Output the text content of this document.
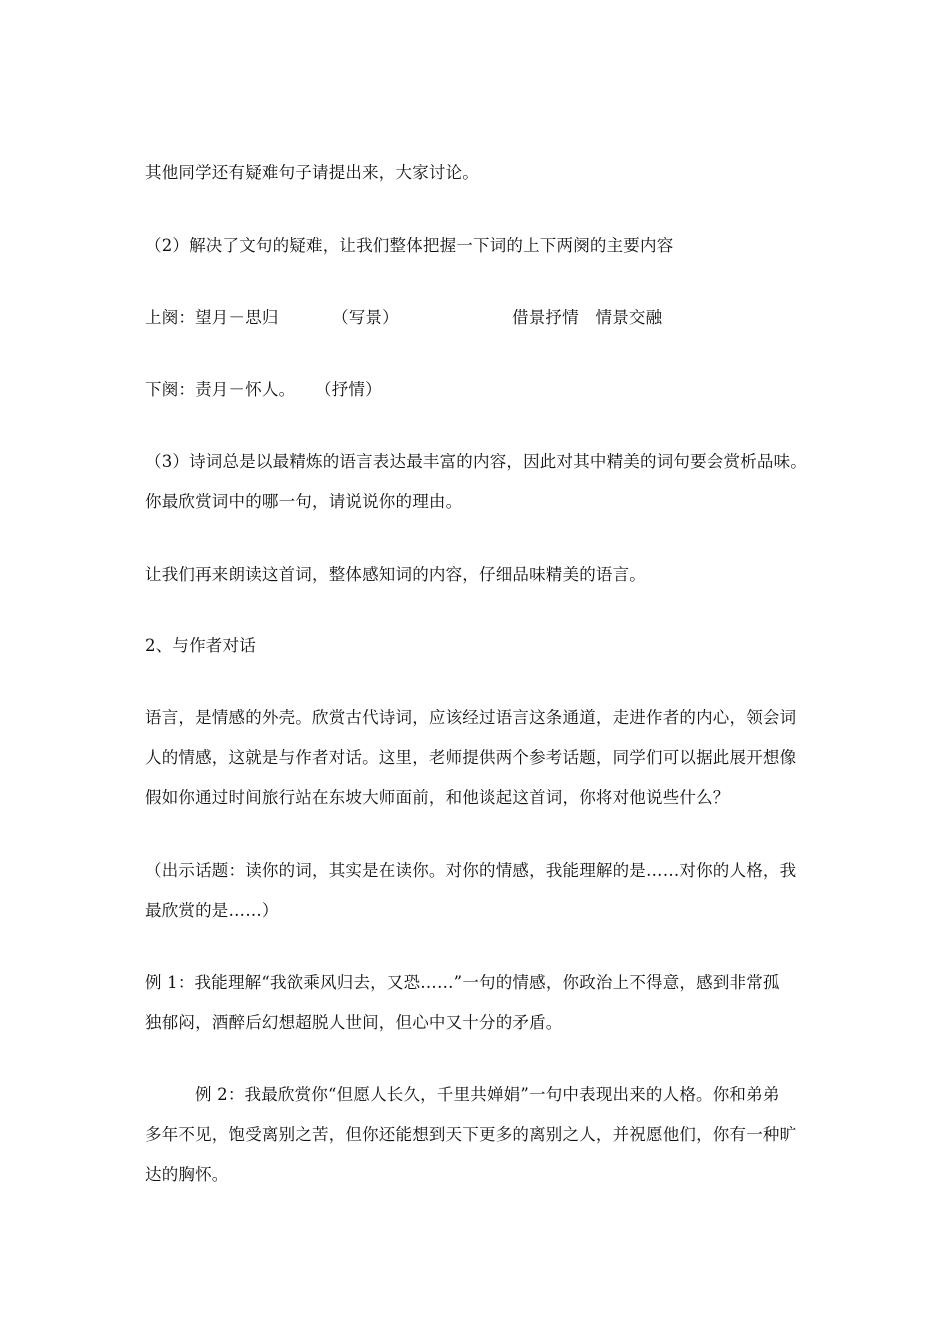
其他同学还有疑难句子请提出来，大家讨论。
（2）解决了文句的疑难，让我们整体把握一下词的上下两阕的主要内容
上阕：望月－思归	（写景）	借景抒情　情景交融
下阕：责月－怀人。 （抒情）
（3）诗词总是以最精炼的语言表达最丰富的内容，因此对其中精美的词句要会赏析品味。
你最欣赏词中的哪一句，请说说你的理由。
让我们再来朗读这首词，整体感知词的内容，仔细品味精美的语言。
2、与作者对话
语言，是情感的外壳。欣赏古代诗词，应该经过语言这条通道，走进作者的内心，领会词
人的情感，这就是与作者对话。这里，老师提供两个参考话题，同学们可以据此展开想像
假如你通过时间旅行站在东坡大师面前，和他谈起这首词，你将对他说些什么？
（出示话题：读你的词，其实是在读你。对你的情感，我能理解的是……对你的人格，我
最欣赏的是……）
例 1：我能理解“我欲乘风归去，又恐……”一句的情感，你政治上不得意，感到非常孤
独郁闷，酒醉后幻想超脱人世间，但心中又十分的矛盾。
例 2：我最欣赏你“但愿人长久，千里共婵娟”一句中表现出来的人格。你和弟弟
多年不见，饱受离别之苦，但你还能想到天下更多的离别之人，并祝愿他们，你有一种旷
达的胸怀。
